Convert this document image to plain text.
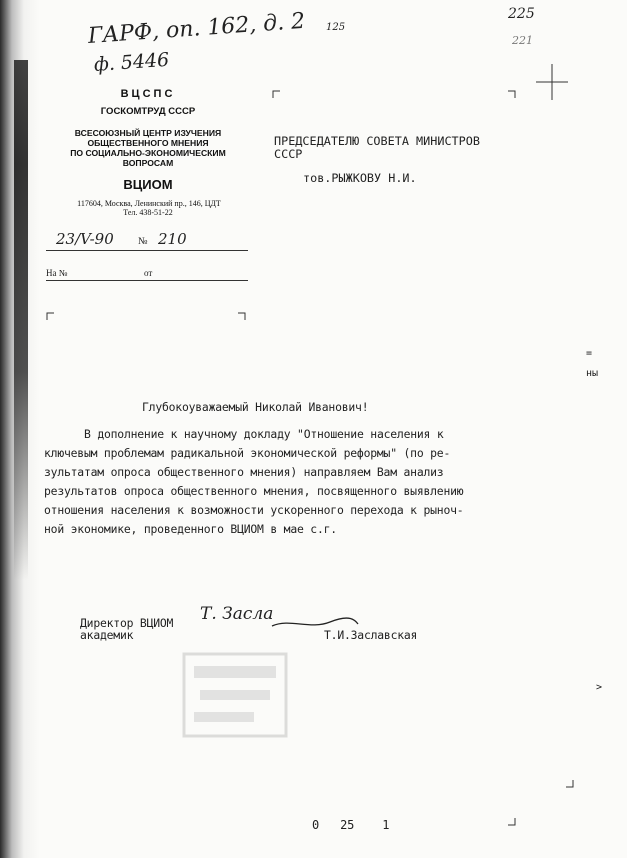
ГАРФ, оп. 162, д. 2 125
ф. 5446
225
221
ВЦСПС
ГОСКОМТРУД СССР
ВСЕСОЮЗНЫЙ ЦЕНТР ИЗУЧЕНИЯ
ОБЩЕСТВЕННОГО МНЕНИЯ
ПО СОЦИАЛЬНО-ЭКОНОМИЧЕСКИМ
ВОПРОСАМ
ВЦИОМ
117604, Москва, Ленинский пр., 146, ЦДТ
Тел. 438-51-22
23/V-90 № 210
На №	от
ПРЕДСЕДАТЕЛЮ СОВЕТА МИНИСТРОВ
СССР
тов.РЫЖКОВУ Н.И.
=
ны
>
Глубокоуважаемый Николай Иванович!
В дополнение к научному докладу "Отношение населения к
ключевым проблемам радикальной экономической реформы" (по ре-
зультатам опроса общественного мнения) направляем Вам анализ
результатов опроса общественного мнения, посвященного выявлению
отношения населения к возможности ускоренного перехода к рыноч-
ной экономике, проведенного ВЦИОМ в мае с.г.
Директор ВЦИОМ
академик
Т. Засла
Т.И.Заславская
0   25    1
